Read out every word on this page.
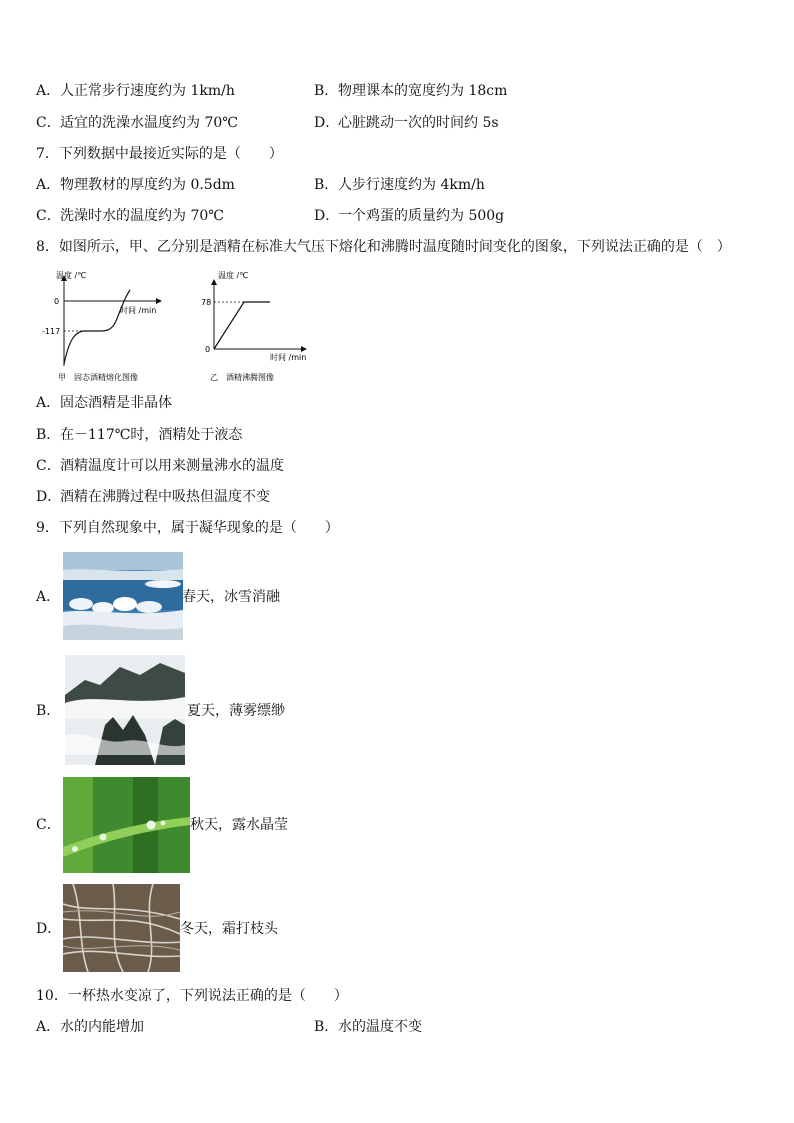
A．人正常步行速度约为 1km/h	B．物理课本的宽度约为 18cm
C．适宜的洗澡水温度约为 70℃	D．心脏跳动一次的时间约 5s
7．下列数据中最接近实际的是（　　）
A．物理教材的厚度约为 0.5dm	B．人步行速度约为 4km/h
C．洗澡时水的温度约为 70℃	D．一个鸡蛋的质量约为 500g
8．如图所示，甲、乙分别是酒精在标准大气压下熔化和沸腾时温度随时间变化的图象，下列说法正确的是（　）
温度 /℃
0
时间 /min
-117
甲　固态酒精熔化图像
温度 /℃
78
0
时间 /min
乙　酒精沸腾图像
A．固态酒精是非晶体
B．在－117℃时，酒精处于液态
C．酒精温度计可以用来测量沸水的温度
D．酒精在沸腾过程中吸热但温度不变
9．下列自然现象中，属于凝华现象的是（　　）
A．	春天，冰雪消融
B．	夏天，薄雾缥缈
C．	秋天，露水晶莹
D．	冬天，霜打枝头
10．一杯热水变凉了，下列说法正确的是（　　）
A．水的内能增加	B．水的温度不变
